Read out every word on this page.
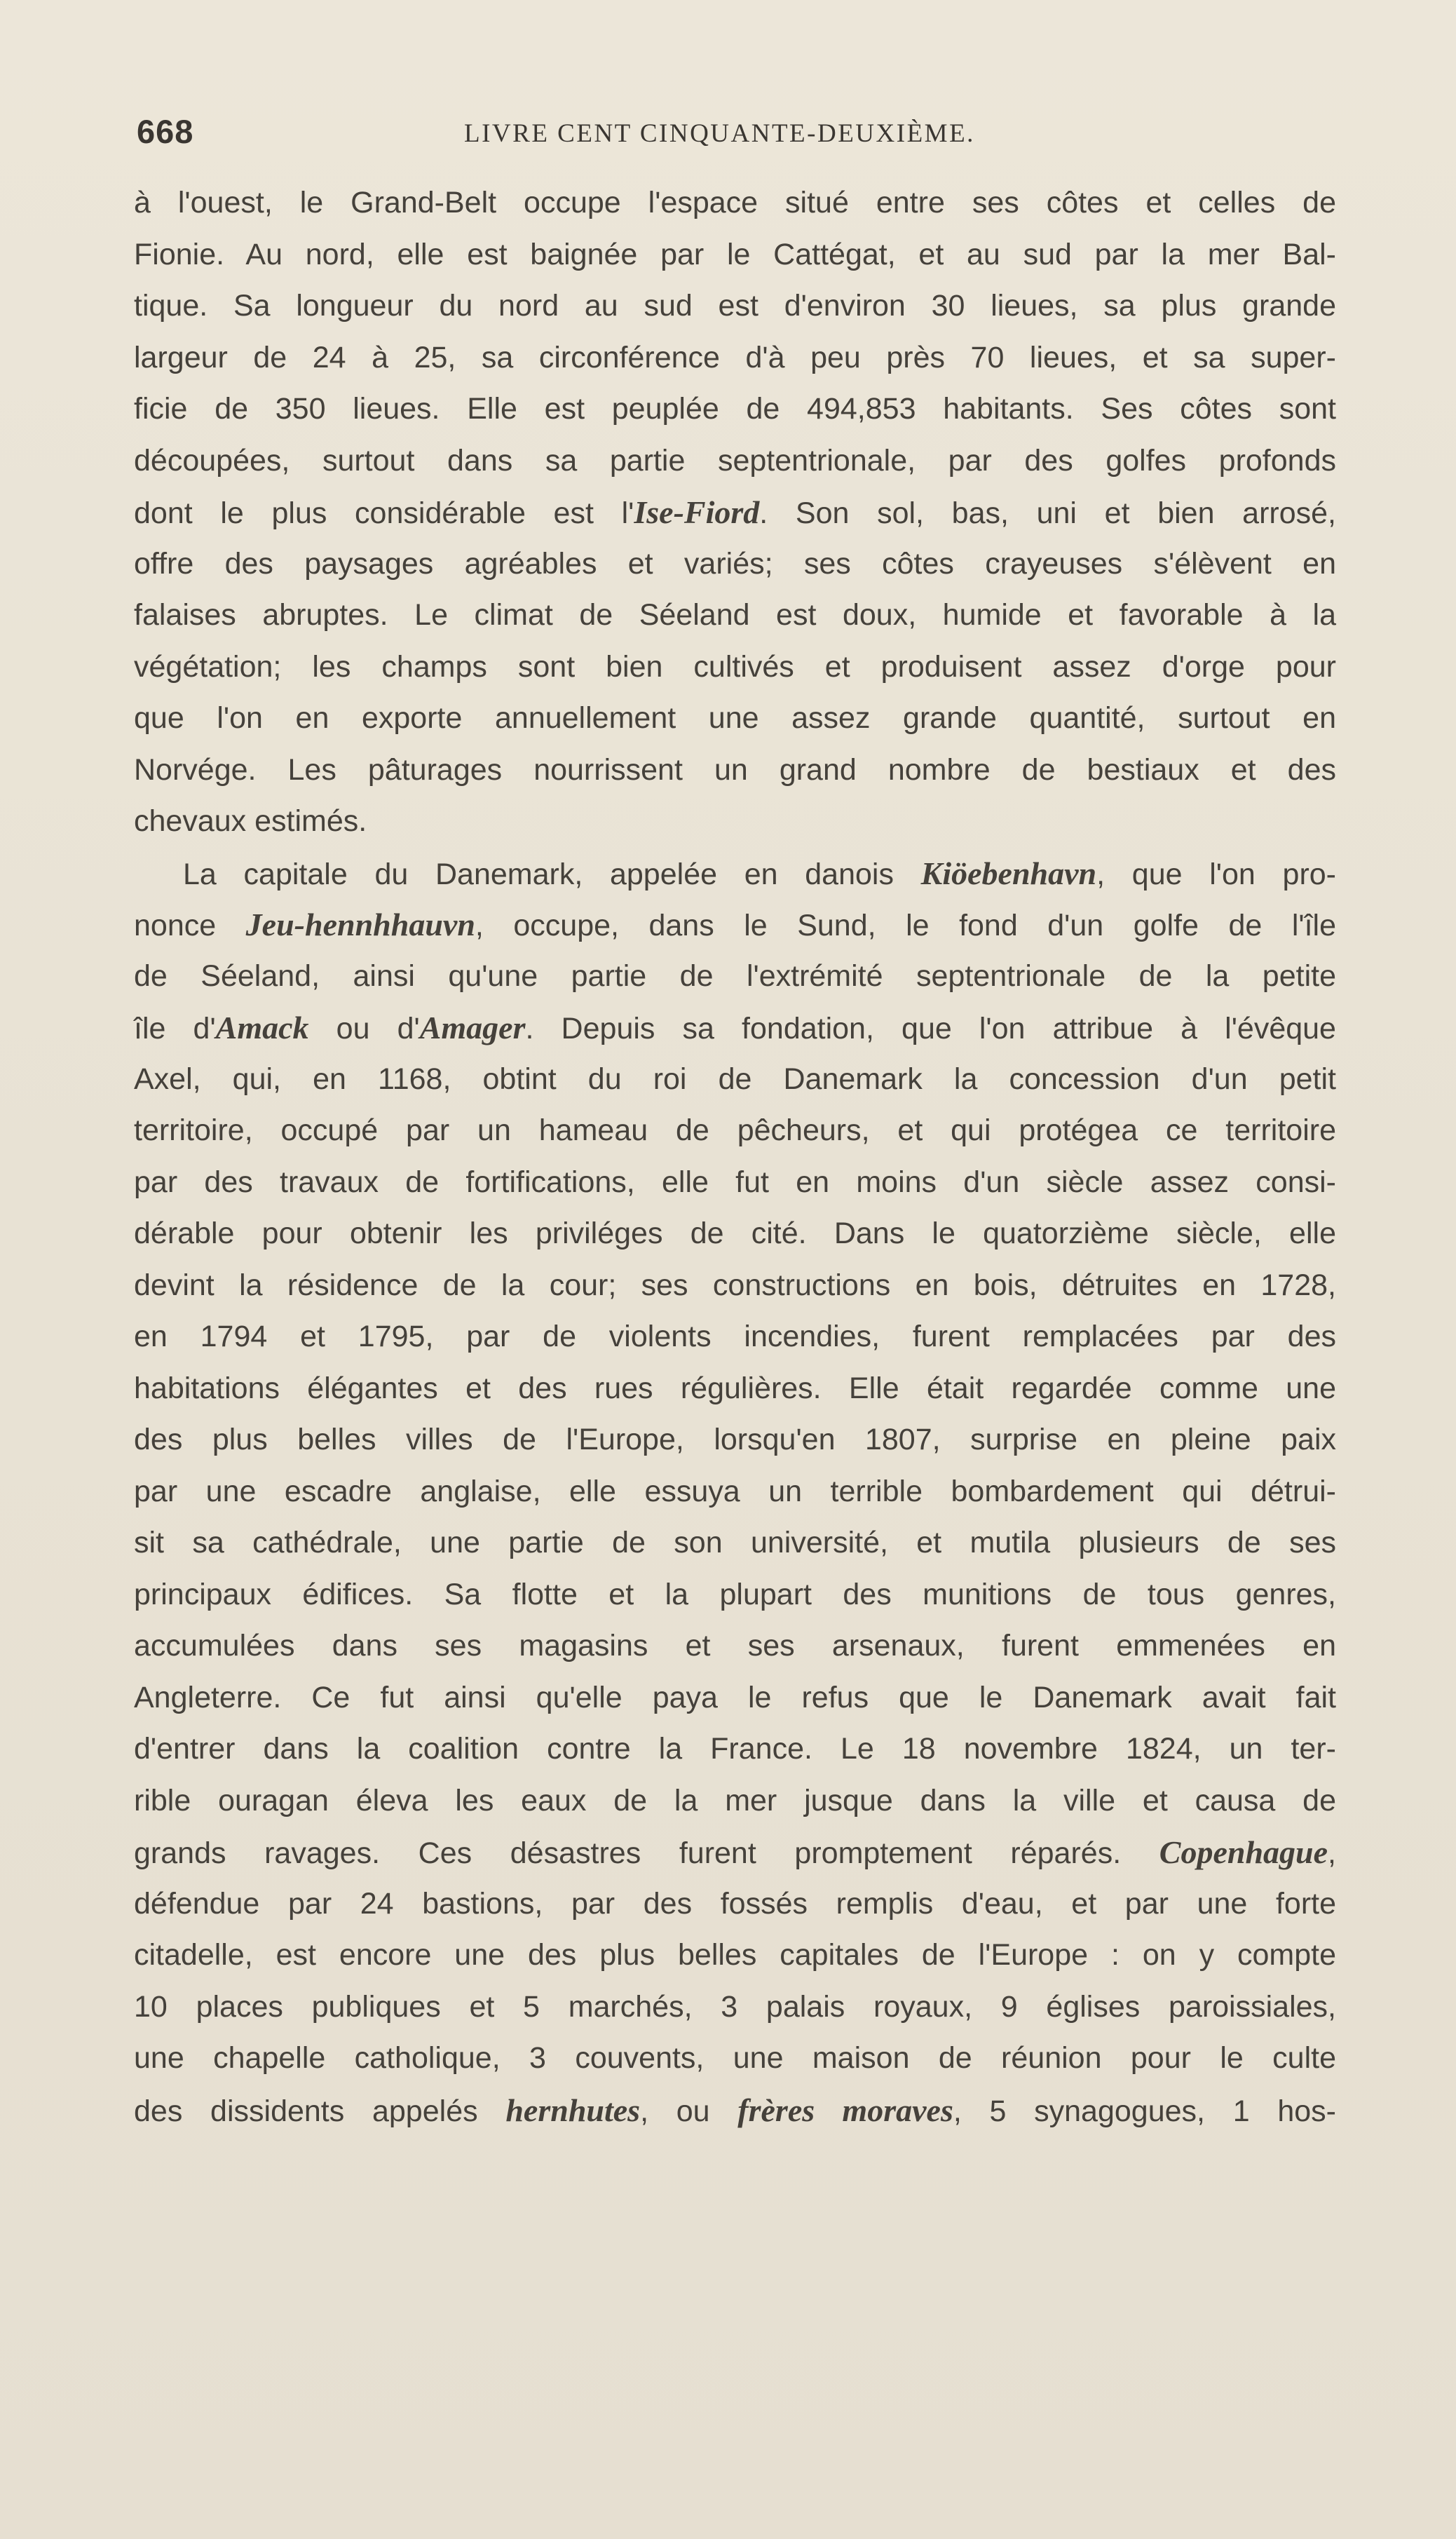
668	LIVRE CENT CINQUANTE-DEUXIÈME.
à l'ouest, le Grand-Belt occupe l'espace situé entre ses côtes et celles de
Fionie. Au nord, elle est baignée par le Cattégat, et au sud par la mer Bal-
tique. Sa longueur du nord au sud est d'environ 30 lieues, sa plus grande
largeur de 24 à 25, sa circonférence d'à peu près 70 lieues, et sa super-
ficie de 350 lieues. Elle est peuplée de 494,853 habitants. Ses côtes sont
découpées, surtout dans sa partie septentrionale, par des golfes profonds
dont le plus considérable est l'Ise-Fiord. Son sol, bas, uni et bien arrosé,
offre des paysages agréables et variés; ses côtes crayeuses s'élèvent en
falaises abruptes. Le climat de Séeland est doux, humide et favorable à la
végétation; les champs sont bien cultivés et produisent assez d'orge pour
que l'on en exporte annuellement une assez grande quantité, surtout en
Norvége. Les pâturages nourrissent un grand nombre de bestiaux et des
chevaux estimés.
La capitale du Danemark, appelée en danois Kiöebenhavn, que l'on pro-
nonce Jeu-hennhhauvn, occupe, dans le Sund, le fond d'un golfe de l'île
de Séeland, ainsi qu'une partie de l'extrémité septentrionale de la petite
île d'Amack ou d'Amager. Depuis sa fondation, que l'on attribue à l'évêque
Axel, qui, en 1168, obtint du roi de Danemark la concession d'un petit
territoire, occupé par un hameau de pêcheurs, et qui protégea ce territoire
par des travaux de fortifications, elle fut en moins d'un siècle assez consi-
dérable pour obtenir les priviléges de cité. Dans le quatorzième siècle, elle
devint la résidence de la cour; ses constructions en bois, détruites en 1728,
en 1794 et 1795, par de violents incendies, furent remplacées par des
habitations élégantes et des rues régulières. Elle était regardée comme une
des plus belles villes de l'Europe, lorsqu'en 1807, surprise en pleine paix
par une escadre anglaise, elle essuya un terrible bombardement qui détrui-
sit sa cathédrale, une partie de son université, et mutila plusieurs de ses
principaux édifices. Sa flotte et la plupart des munitions de tous genres,
accumulées dans ses magasins et ses arsenaux, furent emmenées en
Angleterre. Ce fut ainsi qu'elle paya le refus que le Danemark avait fait
d'entrer dans la coalition contre la France. Le 18 novembre 1824, un ter-
rible ouragan éleva les eaux de la mer jusque dans la ville et causa de
grands ravages. Ces désastres furent promptement réparés. Copenhague,
défendue par 24 bastions, par des fossés remplis d'eau, et par une forte
citadelle, est encore une des plus belles capitales de l'Europe : on y compte
10 places publiques et 5 marchés, 3 palais royaux, 9 églises paroissiales,
une chapelle catholique, 3 couvents, une maison de réunion pour le culte
des dissidents appelés hernhutes, ou frères moraves, 5 synagogues, 1 hos-
